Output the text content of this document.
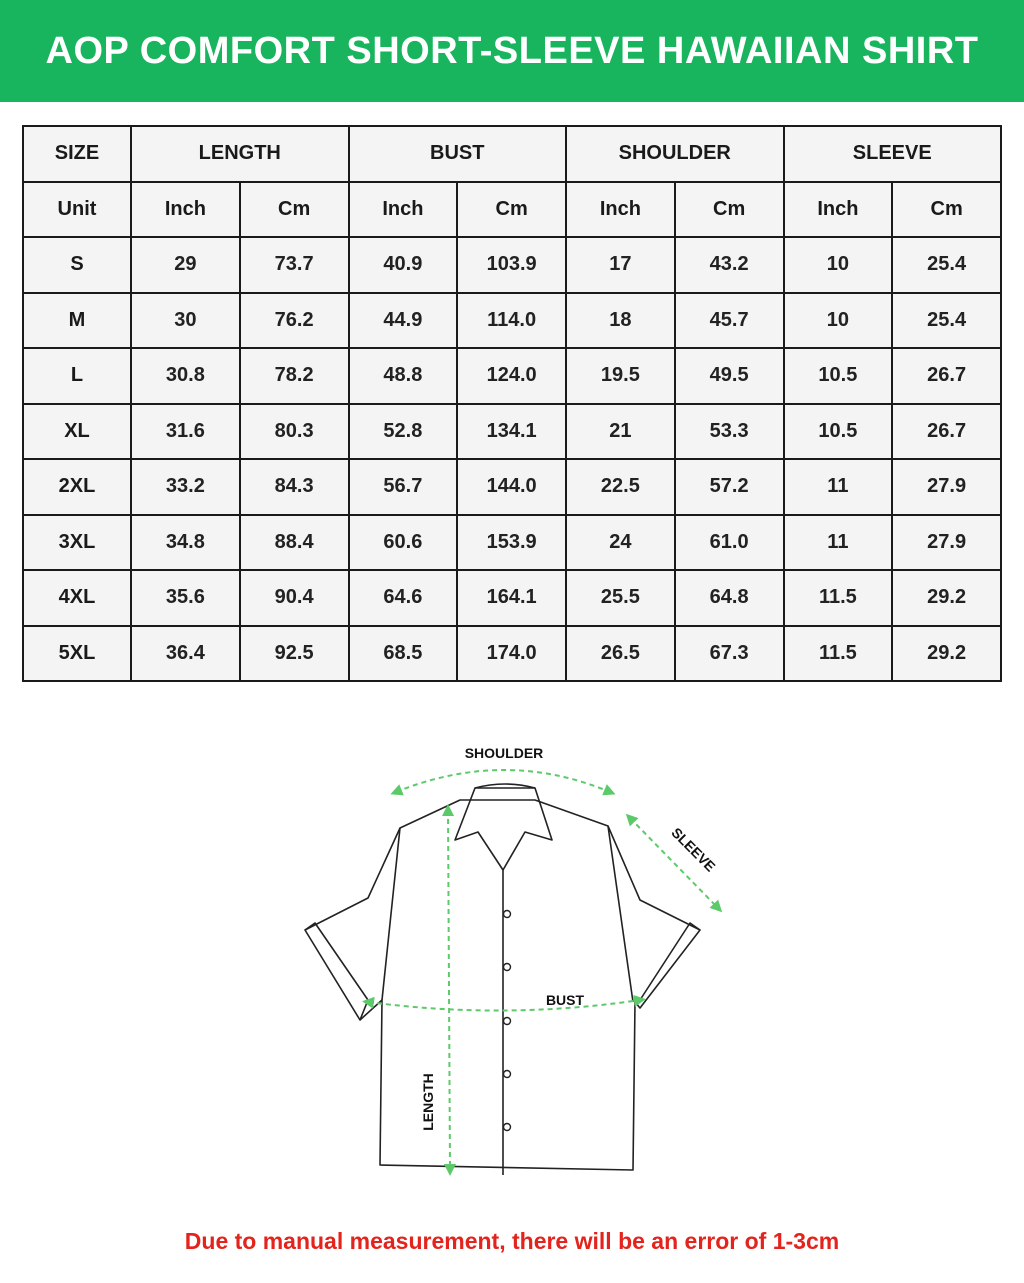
AOP COMFORT SHORT-SLEEVE HAWAIIAN SHIRT
SIZE	LENGTH		BUST		SHOULDER		SLEEVE	
Unit	Inch	Cm	Inch	Cm	Inch	Cm	Inch	Cm
S	29	73.7	40.9	103.9	17	43.2	10	25.4
M	30	76.2	44.9	114.0	18	45.7	10	25.4
L	30.8	78.2	48.8	124.0	19.5	49.5	10.5	26.7
XL	31.6	80.3	52.8	134.1	21	53.3	10.5	26.7
2XL	33.2	84.3	56.7	144.0	22.5	57.2	11	27.9
3XL	34.8	88.4	60.6	153.9	24	61.0	11	27.9
4XL	35.6	90.4	64.6	164.1	25.5	64.8	11.5	29.2
5XL	36.4	92.5	68.5	174.0	26.5	67.3	11.5	29.2
SHOULDER
SLEEVE
BUST
LENGTH
Due to manual measurement, there will be an error of 1-3cm
